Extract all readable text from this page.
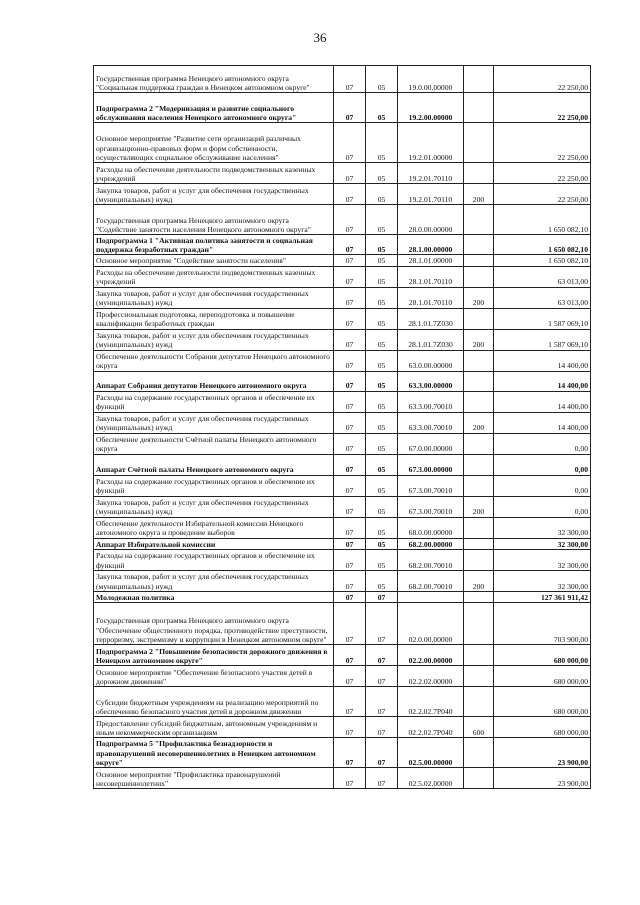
36
Государственная программа Ненецкого автономного округа "Социальная поддержка граждан в Ненецком автономном округе"	07	05	19.0.00.00000		22 250,00
Подпрограмма 2 "Модернизация и развитие социального обслуживания населения Ненецкого автономного округа"	07	05	19.2.00.00000		22 250,00
Основное мероприятие "Развитие сети организаций различных организационно-правовых форм и форм собственности, осуществляющих социальное обслуживание населения"	07	05	19.2.01.00000		22 250,00
Расходы на обеспечение деятельности подведомственных казенных учреждений	07	05	19.2.01.70110		22 250,00
Закупка товаров, работ и услуг для обеспечения государственных (муниципальных) нужд	07	05	19.2.01.70110	200	22 250,00
Государственная программа Ненецкого автономного округа "Содействие занятости населения Ненецкого автономного округа"	07	05	28.0.00.00000		1 650 082,10
Подпрограмма 1 "Активная политика занятости и социальная поддержка безработных граждан"	07	05	28.1.00.00000		1 650 082,10
Основное мероприятие "Содействие занятости населения"	07	05	28.1.01.00000		1 650 082,10
Расходы на обеспечение деятельности подведомственных казенных учреждений	07	05	28.1.01.70110		63 013,00
Закупка товаров, работ и услуг для обеспечения государственных (муниципальных) нужд	07	05	28.1.01.70110	200	63 013,00
Профессиональная подготовка, переподготовка и повышение квалификации безработных граждан	07	05	28.1.01.7Z030		1 587 069,10
Закупка товаров, работ и услуг для обеспечения государственных (муниципальных) нужд	07	05	28.1.01.7Z030	200	1 587 069,10
Обеспечение деятельности Собрания депутатов Ненецкого автономного округа	07	05	63.0.00.00000		14 400,00
Аппарат Собрания депутатов Ненецкого автономного округа	07	05	63.3.00.00000		14 400,00
Расходы на содержание государственных органов и обеспечение их функций	07	05	63.3.00.70010		14 400,00
Закупка товаров, работ и услуг для обеспечения государственных (муниципальных) нужд	07	05	63.3.00.70010	200	14 400,00
Обеспечение деятельности Счётной палаты Ненецкого автономного округа	07	05	67.0.00.00000		0,00
Аппарат Счётной палаты Ненецкого автономного округа	07	05	67.3.00.00000		0,00
Расходы на содержание государственных органов и обеспечение их функций	07	05	67.3.00.70010		0,00
Закупка товаров, работ и услуг для обеспечения государственных (муниципальных) нужд	07	05	67.3.00.70010	200	0,00
Обеспечение деятельности Избирательной комиссии Ненецкого автономного округа и проведение выборов	07	05	68.0.00.00000		32 300,00
Аппарат Избирательной комиссии	07	05	68.2.00.00000		32 300,00
Расходы на содержание государственных органов и обеспечение их функций	07	05	68.2.00.70010		32 300,00
Закупка товаров, работ и услуг для обеспечения государственных (муниципальных) нужд	07	05	68.2.00.70010	200	32 300,00
Молодежная политика	07	07			127 361 911,42
Государственная программа Ненецкого автономного округа "Обеспечение общественного порядка, противодействие преступности, терроризму, экстремизму и коррупции в Ненецком автономном округе"	07	07	02.0.00.00000		703 900,00
Подпрограмма 2 "Повышение безопасности дорожного движения в Ненецком автономном округе"	07	07	02.2.00.00000		680 000,00
Основное мероприятие "Обеспечение безопасного участия детей в дорожном движении"	07	07	02.2.02.00000		680 000,00
Субсидии бюджетным учреждениям на реализацию мероприятий по обеспечению безопасного участия детей в дорожном движении	07	07	02.2.02.7P040		680 000,00
Предоставление субсидий бюджетным, автономным учреждениям и иным некоммерческим организациям	07	07	02.2.02.7P040	600	680 000,00
Подпрограмма 5 "Профилактика безнадзорности и правонарушений несовершеннолетних в Ненецком автономном округе"	07	07	02.5.00.00000		23 900,00
Основное мероприятие "Профилактика правонарушений несовершеннолетних"	07	07	02.5.02.00000		23 900,00
